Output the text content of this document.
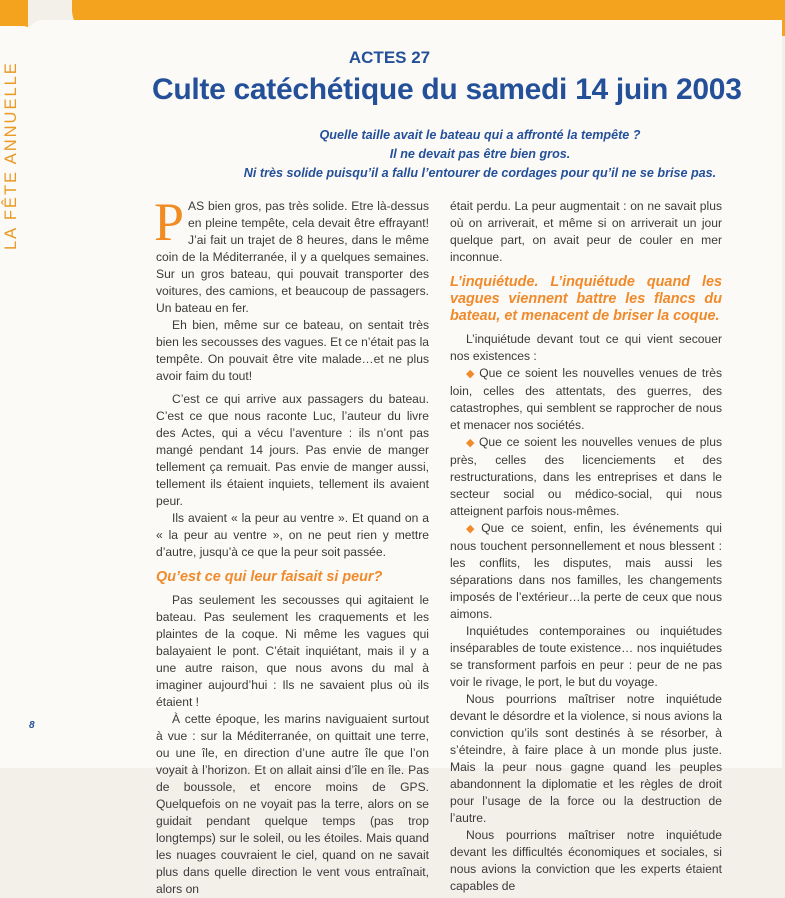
LA FÊTE ANNUELLE
ACTES 27
Culte catéchétique du samedi 14 juin 2003
Quelle taille avait le bateau qui a affronté la tempête ?
Il ne devait pas être bien gros.
Ni très solide puisqu’il a fallu l’entourer de cordages pour qu’il ne se brise pas.

PAS bien gros, pas très solide. Etre là-dessus en pleine tempête, cela devait être effrayant! J’ai fait un trajet de 8 heures, dans le même coin de la Méditerranée, il y a quelques semaines. Sur un gros bateau, qui pouvait transporter des voitures, des camions, et beaucoup de passagers. Un bateau en fer.

Eh bien, même sur ce bateau, on sentait très bien les secousses des vagues. Et ce n’était pas la tempête. On pouvait être vite malade…et ne plus avoir faim du tout!

C’est ce qui arrive aux passagers du bateau. C’est ce que nous raconte Luc, l’auteur du livre des Actes, qui a vécu l’aventure : ils n’ont pas mangé pendant 14 jours. Pas envie de manger tellement ça remuait. Pas envie de manger aussi, tellement ils étaient inquiets, tellement ils avaient peur.

Ils avaient « la peur au ventre ». Et quand on a « la peur au ventre », on ne peut rien y mettre d’autre, jusqu’à ce que la peur soit passée.

Qu’est ce qui leur faisait si peur?

Pas seulement les secousses qui agitaient le bateau. Pas seulement les craquements et les plaintes de la coque. Ni même les vagues qui balayaient le pont. C’était inquiétant, mais il y a une autre raison, que nous avons du mal à imaginer aujourd’hui : Ils ne savaient plus où ils étaient !

À cette époque, les marins naviguaient surtout à vue : sur la Méditerranée, on quittait une terre, ou une île, en direction d’une autre île que l’on voyait à l’horizon. Et on allait ainsi d’île en île. Pas de boussole, et encore moins de GPS. Quelquefois on ne voyait pas la terre, alors on se guidait pendant quelque temps (pas trop longtemps) sur le soleil, ou les étoiles. Mais quand les nuages couvraient le ciel, quand on ne savait plus dans quelle direction le vent vous entraînait, alors on

était perdu. La peur augmentait : on ne savait plus où on arriverait, et même si on arriverait un jour quelque part, on avait peur de couler en mer inconnue.

L’inquiétude. L’inquiétude quand les vagues viennent battre les flancs du bateau, et menacent de briser la coque.

L’inquiétude devant tout ce qui vient secouer nos existences :

◆ Que ce soient les nouvelles venues de très loin, celles des attentats, des guerres, des catastrophes, qui semblent se rapprocher de nous et menacer nos sociétés.

◆ Que ce soient les nouvelles venues de plus près, celles des licenciements et des restructurations, dans les entreprises et dans le secteur social ou médico-social, qui nous atteignent parfois nous-mêmes.

◆ Que ce soient, enfin, les événements qui nous touchent personnellement et nous blessent : les conflits, les disputes, mais aussi les séparations dans nos familles, les changements imposés de l’extérieur…la perte de ceux que nous aimons.

Inquiétudes contemporaines ou inquiétudes inséparables de toute existence… nos inquiétudes se transforment parfois en peur : peur de ne pas voir le rivage, le port, le but du voyage.

Nous pourrions maîtriser notre inquiétude devant le désordre et la violence, si nous avions la conviction qu’ils sont destinés à se résorber, à s’éteindre, à faire place à un monde plus juste. Mais la peur nous gagne quand les peuples abandonnent la diplomatie et les règles de droit pour l’usage de la force ou la destruction de l’autre.

Nous pourrions maîtriser notre inquiétude devant les difficultés économiques et sociales, si nous avions la conviction que les experts étaient capables de

8
